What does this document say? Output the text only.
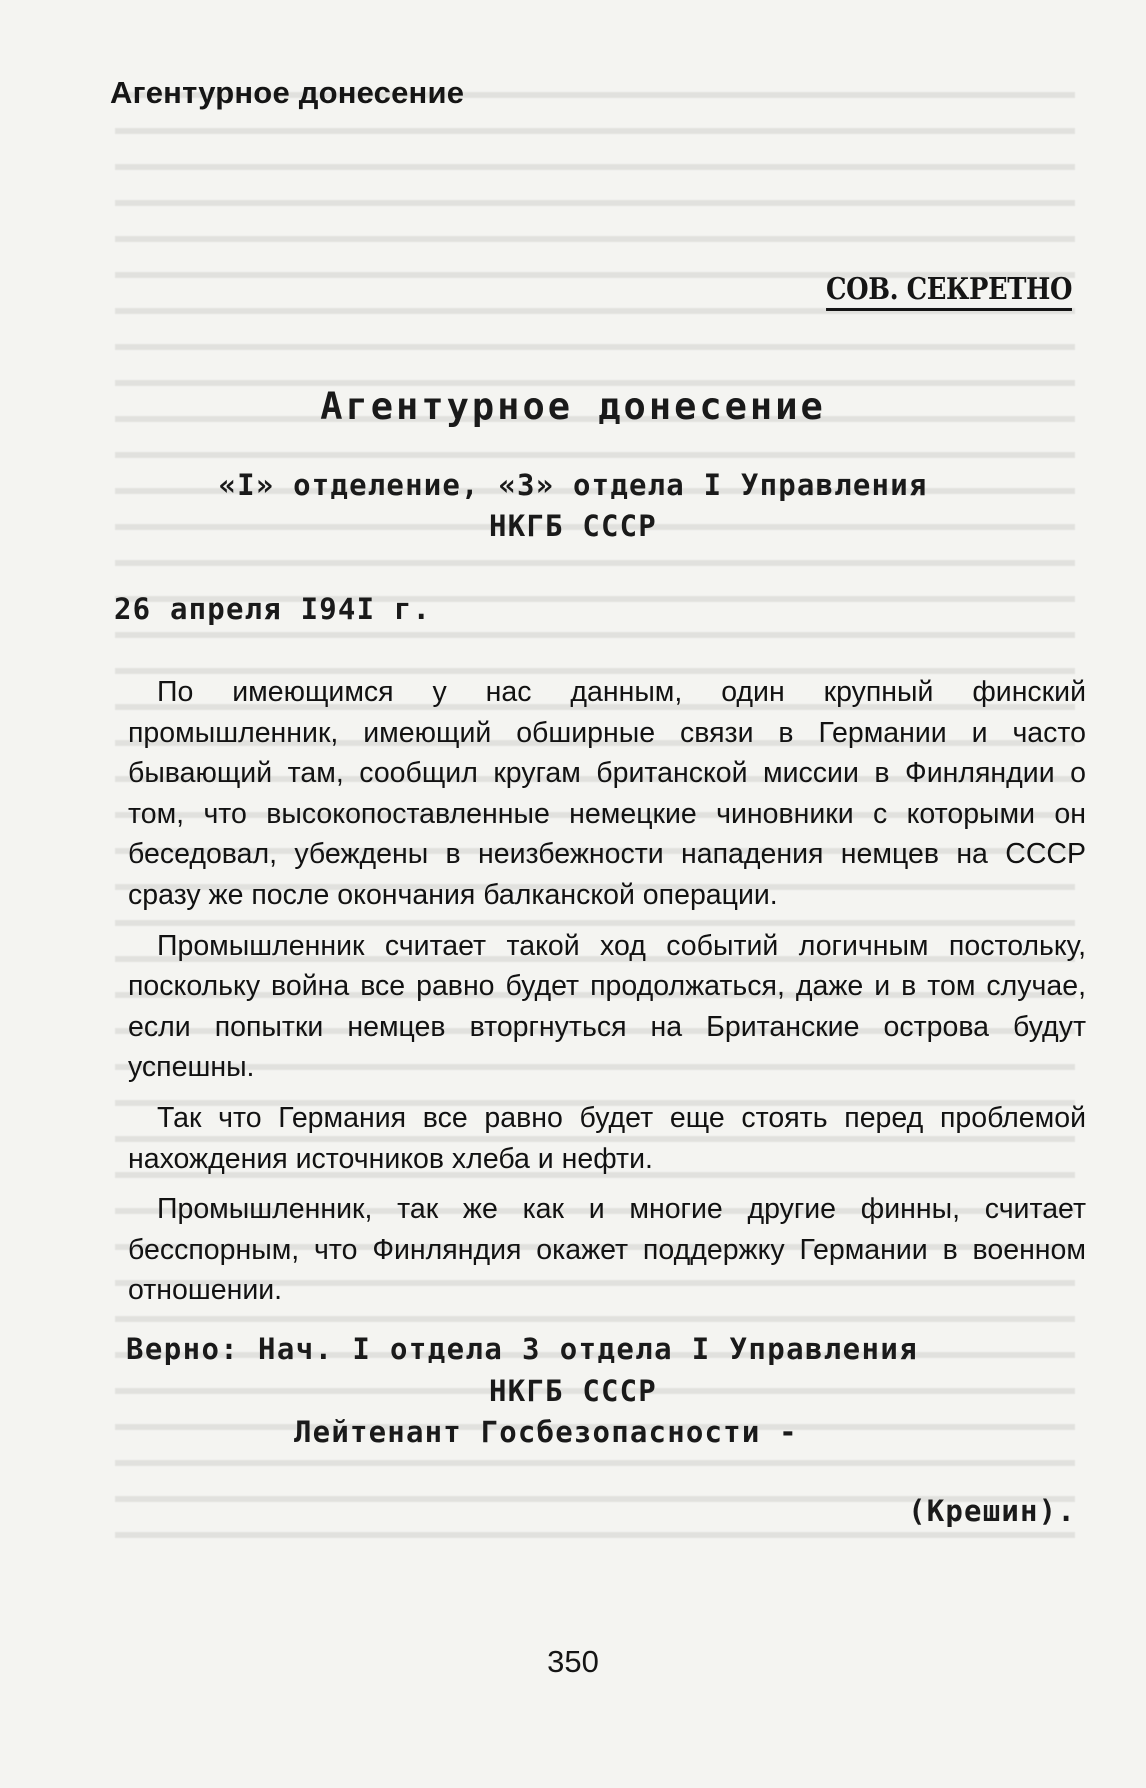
Агентурное донесение
СОВ. СЕКРЕТНО
Агентурное донесение
«I» отделение, «З» отдела I Управления
НКГБ СССР
26 апреля I94I г.

По имеющимся у нас данным, один крупный финский промышленник, имеющий обширные связи в Германии и часто бывающий там, сообщил кругам британской миссии в Финляндии о том, что высокопоставленные немецкие чиновники с которыми он беседовал, убеждены в неизбежности нападения немцев на СССР сразу же после окончания балканской операции.

Промышленник считает такой ход событий логичным постольку, поскольку война все равно будет продолжаться, даже и в том случае, если попытки немцев вторгнуться на Британские острова будут успешны.

Так что Германия все равно будет еще стоять перед проблемой нахождения источников хлеба и нефти.

Промышленник, так же как и многие другие финны, считает бесспорным, что Финляндия окажет поддержку Германии в военном отношении.

Верно: Нач. I отдела 3 отдела I Управления
НКГБ СССР
Лейтенант Госбезопасности -
(Крешин).
350
